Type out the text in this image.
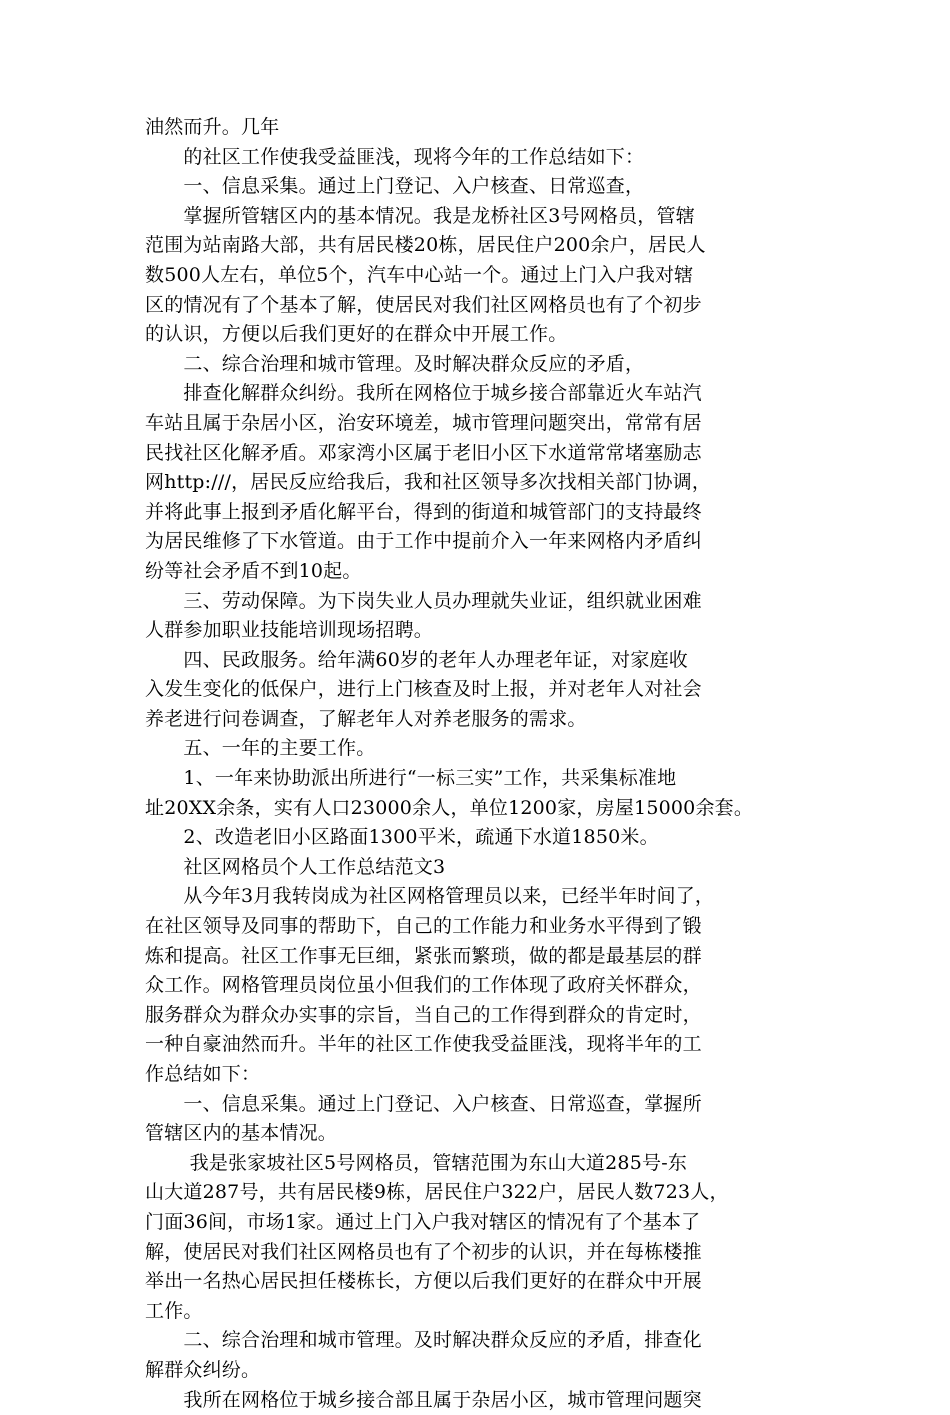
油然而升。几年

　　的社区工作使我受益匪浅，现将今年的工作总结如下：

　　一、信息采集。通过上门登记、入户核查、日常巡查，

　　掌握所管辖区内的基本情况。我是龙桥社区3号网格员，管辖
范围为站南路大部，共有居民楼20栋，居民住户200余户，居民人
数500人左右，单位5个，汽车中心站一个。通过上门入户我对辖
区的情况有了个基本了解，使居民对我们社区网格员也有了个初步
的认识，方便以后我们更好的在群众中开展工作。

　　二、综合治理和城市管理。及时解决群众反应的矛盾，

　　排查化解群众纠纷。我所在网格位于城乡接合部靠近火车站汽
车站且属于杂居小区，治安环境差，城市管理问题突出，常常有居
民找社区化解矛盾。邓家湾小区属于老旧小区下水道常常堵塞励志
网http:///，居民反应给我后，我和社区领导多次找相关部门协调，
并将此事上报到矛盾化解平台，得到的街道和城管部门的支持最终
为居民维修了下水管道。由于工作中提前介入一年来网格内矛盾纠
纷等社会矛盾不到10起。

　　三、劳动保障。为下岗失业人员办理就失业证，组织就业困难
人群参加职业技能培训现场招聘。

　　四、民政服务。给年满60岁的老年人办理老年证，对家庭收
入发生变化的低保户，进行上门核查及时上报，并对老年人对社会
养老进行问卷调查，了解老年人对养老服务的需求。

　　五、一年的主要工作。

　　1、一年来协助派出所进行“一标三实”工作，共采集标准地
址20XX余条，实有人口23000余人，单位1200家，房屋15000余套。

　　2、改造老旧小区路面1300平米，疏通下水道1850米。

　　社区网格员个人工作总结范文3

　　从今年3月我转岗成为社区网格管理员以来，已经半年时间了，
在社区领导及同事的帮助下，自己的工作能力和业务水平得到了锻
炼和提高。社区工作事无巨细，紧张而繁琐，做的都是最基层的群
众工作。网格管理员岗位虽小但我们的工作体现了政府关怀群众，
服务群众为群众办实事的宗旨，当自己的工作得到群众的肯定时，
一种自豪油然而升。半年的社区工作使我受益匪浅，现将半年的工
作总结如下：

　　一、信息采集。通过上门登记、入户核查、日常巡查，掌握所
管辖区内的基本情况。

　　 我是张家坡社区5号网格员，管辖范围为东山大道285号-东
山大道287号，共有居民楼9栋，居民住户322户，居民人数723人，
门面36间，市场1家。通过上门入户我对辖区的情况有了个基本了
解，使居民对我们社区网格员也有了个初步的认识，并在每栋楼推
举出一名热心居民担任楼栋长，方便以后我们更好的在群众中开展
工作。

　　二、综合治理和城市管理。及时解决群众反应的矛盾，排查化
解群众纠纷。

　　我所在网格位于城乡接合部且属于杂居小区，城市管理问题突
